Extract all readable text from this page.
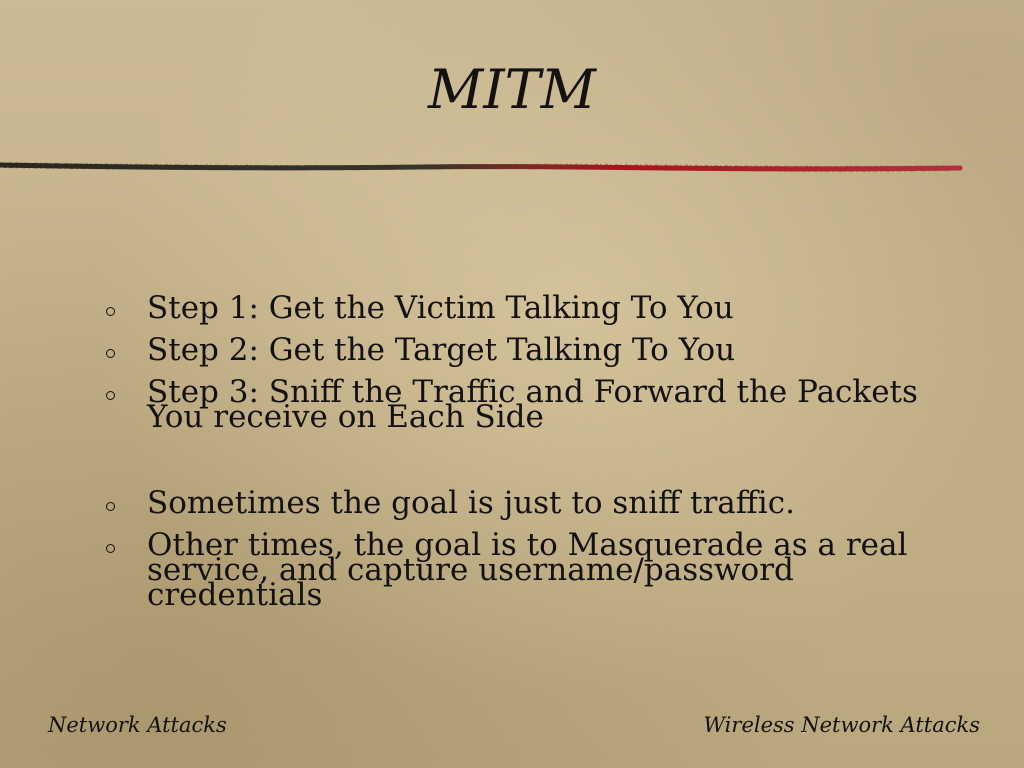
MITM
Step 1: Get the Victim Talking To You
Step 2: Get the Target Talking To You
Step 3: Sniff the Traffic and Forward the Packets You receive on Each Side
Sometimes the goal is just to sniff traffic.
Other times, the goal is to Masquerade as a real service, and capture username/password credentials

Network Attacks	Wireless Network Attacks
